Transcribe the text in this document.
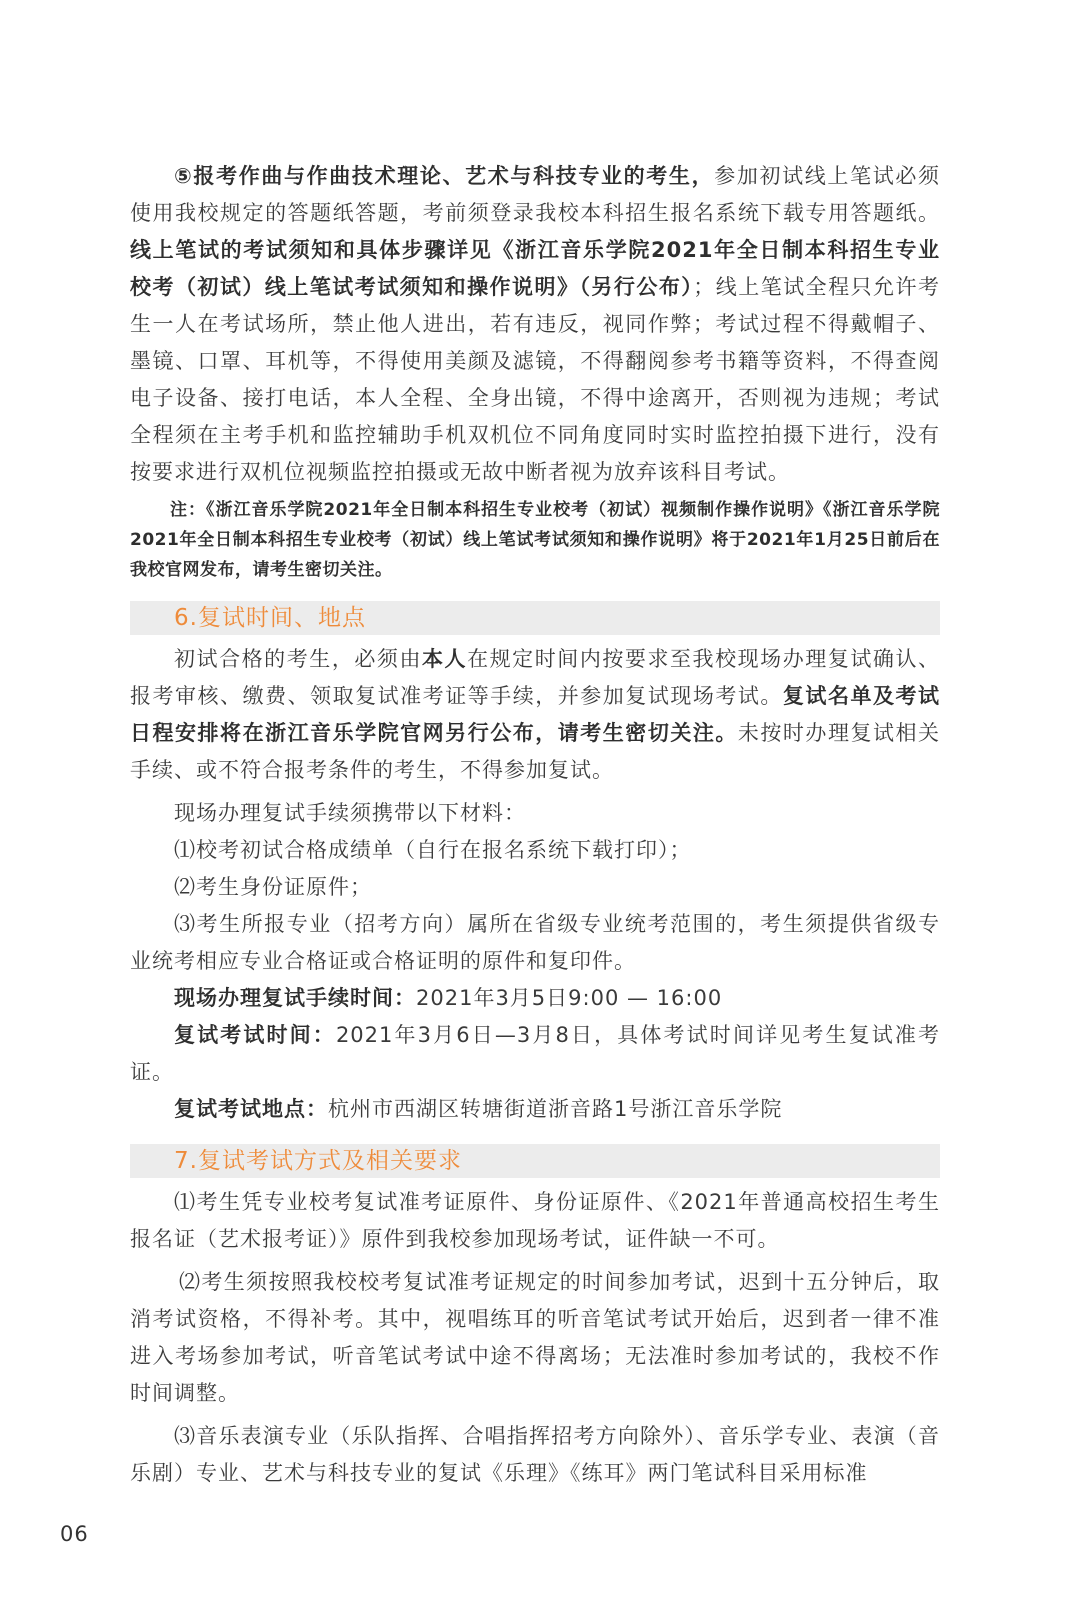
⑤报考作曲与作曲技术理论、艺术与科技专业的考生，参加初试线上笔试必须使用我校规定的答题纸答题，考前须登录我校本科招生报名系统下载专用答题纸。线上笔试的考试须知和具体步骤详见《浙江音乐学院2021年全日制本科招生专业校考（初试）线上笔试考试须知和操作说明》（另行公布）；线上笔试全程只允许考生一人在考试场所，禁止他人进出，若有违反，视同作弊；考试过程不得戴帽子、墨镜、口罩、耳机等，不得使用美颜及滤镜，不得翻阅参考书籍等资料，不得查阅电子设备、接打电话，本人全程、全身出镜，不得中途离开，否则视为违规；考试全程须在主考手机和监控辅助手机双机位不同角度同时实时监控拍摄下进行，没有按要求进行双机位视频监控拍摄或无故中断者视为放弃该科目考试。

注：《浙江音乐学院2021年全日制本科招生专业校考（初试）视频制作操作说明》《浙江音乐学院2021年全日制本科招生专业校考（初试）线上笔试考试须知和操作说明》将于2021年1月25日前后在我校官网发布，请考生密切关注。

6.复试时间、地点

初试合格的考生，必须由本人在规定时间内按要求至我校现场办理复试确认、报考审核、缴费、领取复试准考证等手续，并参加复试现场考试。复试名单及考试日程安排将在浙江音乐学院官网另行公布，请考生密切关注。未按时办理复试相关手续、或不符合报考条件的考生，不得参加复试。

现场办理复试手续须携带以下材料：

⑴校考初试合格成绩单（自行在报名系统下载打印）；

⑵考生身份证原件；

⑶考生所报专业（招考方向）属所在省级专业统考范围的，考生须提供省级专业统考相应专业合格证或合格证明的原件和复印件。

现场办理复试手续时间：2021年3月5日9:00 — 16:00

复试考试时间：2021年3月6日—3月8日，具体考试时间详见考生复试准考证。

复试考试地点：杭州市西湖区转塘街道浙音路1号浙江音乐学院

7.复试考试方式及相关要求

⑴考生凭专业校考复试准考证原件、身份证原件、《2021年普通高校招生考生报名证（艺术报考证）》原件到我校参加现场考试，证件缺一不可。

⑵考生须按照我校校考复试准考证规定的时间参加考试，迟到十五分钟后，取消考试资格，不得补考。其中，视唱练耳的听音笔试考试开始后，迟到者一律不准进入考场参加考试，听音笔试考试中途不得离场；无法准时参加考试的，我校不作时间调整。

⑶音乐表演专业（乐队指挥、合唱指挥招考方向除外）、音乐学专业、表演（音乐剧）专业、艺术与科技专业的复试《乐理》《练耳》两门笔试科目采用标准

06
